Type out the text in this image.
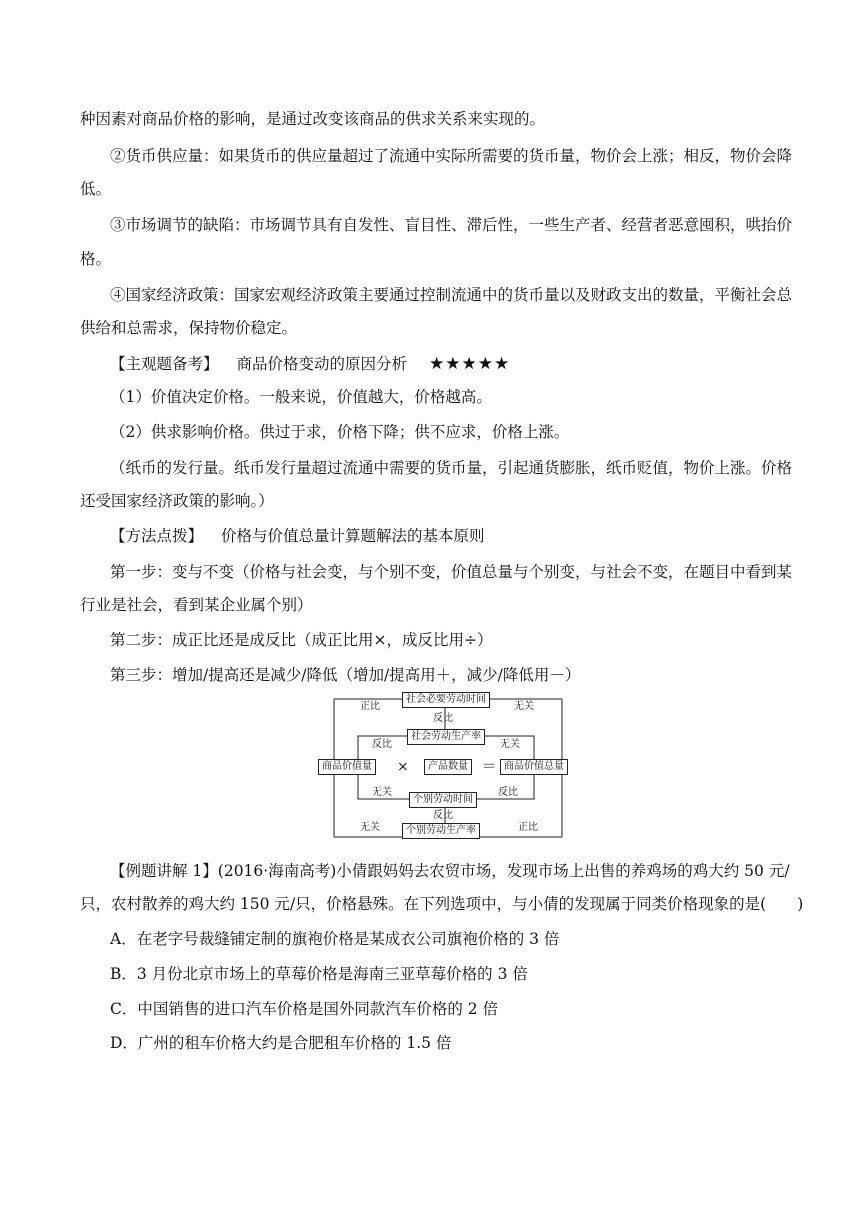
种因素对商品价格的影响，是通过改变该商品的供求关系来实现的。
②货币供应量：如果货币的供应量超过了流通中实际所需要的货币量，物价会上涨；相反，物价会降
低。
③市场调节的缺陷：市场调节具有自发性、盲目性、滞后性，一些生产者、经营者恶意囤积，哄抬价
格。
④国家经济政策：国家宏观经济政策主要通过控制流通中的货币量以及财政支出的数量，平衡社会总
供给和总需求，保持物价稳定。
【主观题备考】 商品价格变动的原因分析 ★★★★★
（1）价值决定价格。一般来说，价值越大，价格越高。
（2）供求影响价格。供过于求，价格下降；供不应求，价格上涨。
（纸币的发行量。纸币发行量超过流通中需要的货币量，引起通货膨胀，纸币贬值，物价上涨。价格
还受国家经济政策的影响。）
【方法点拨】 价格与价值总量计算题解法的基本原则
第一步：变与不变（价格与社会变，与个别不变，价值总量与个别变，与社会不变，在题目中看到某
行业是社会，看到某企业属个别）
第二步：成正比还是成反比（成正比用×，成反比用÷）
第三步：增加/提高还是减少/降低（增加/提高用＋，减少/降低用－）
社会必要劳动时间
社会劳动生产率
商品价值量 ×	产品数量 ＝ 商品价值总量
个别劳动时间
个别劳动生产率
正比	无关
反比
反比	无关
无关	反比
反比
无关	正比
【例题讲解 1】(2016·海南高考)小倩跟妈妈去农贸市场，发现市场上出售的养鸡场的鸡大约 50 元/
只，农村散养的鸡大约 150 元/只，价格悬殊。在下列选项中，与小倩的发现属于同类价格现象的是(　　)
A．在老字号裁缝铺定制的旗袍价格是某成衣公司旗袍价格的 3 倍
B．3 月份北京市场上的草莓价格是海南三亚草莓价格的 3 倍
C．中国销售的进口汽车价格是国外同款汽车价格的 2 倍
D．广州的租车价格大约是合肥租车价格的 1.5 倍
